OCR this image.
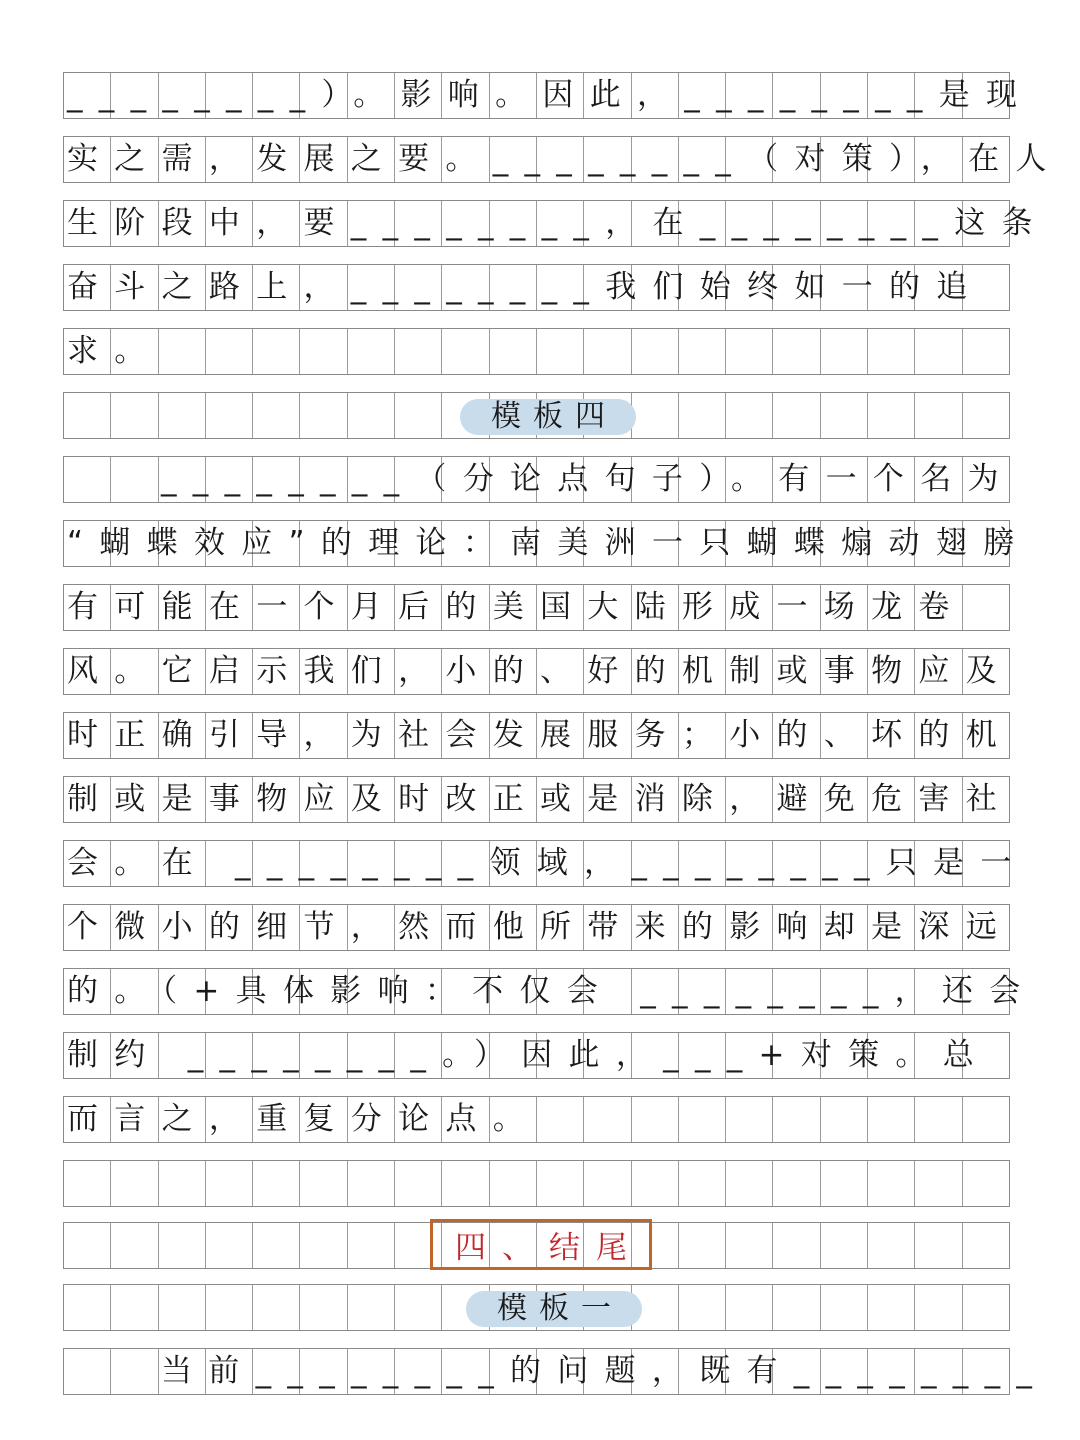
________）。影响。因此，________是现
实之需，发展之要。________（对策），在人
生阶段中，要________，在________这条
奋斗之路上，________我们始终如一的追
求。
模板四
________（分论点句子）。有一个名为
“蝴蝶效应”的理论：南美洲一只蝴蝶煽动翅膀
有可能在一个月后的美国大陆形成一场龙卷
风。它启示我们，小的、好的机制或事物应及
时正确引导，为社会发展服务；小的、坏的机
制或是事物应及时改正或是消除，避免危害社
会。在 ________领域，________只是一
个微小的细节，然而他所带来的影响却是深远
的。（+具体影响：不仅会 ________，还会
制约 ________。）因此，___+对策。总
而言之，重复分论点。
四、结尾
模板一
当前________的问题，既有________
